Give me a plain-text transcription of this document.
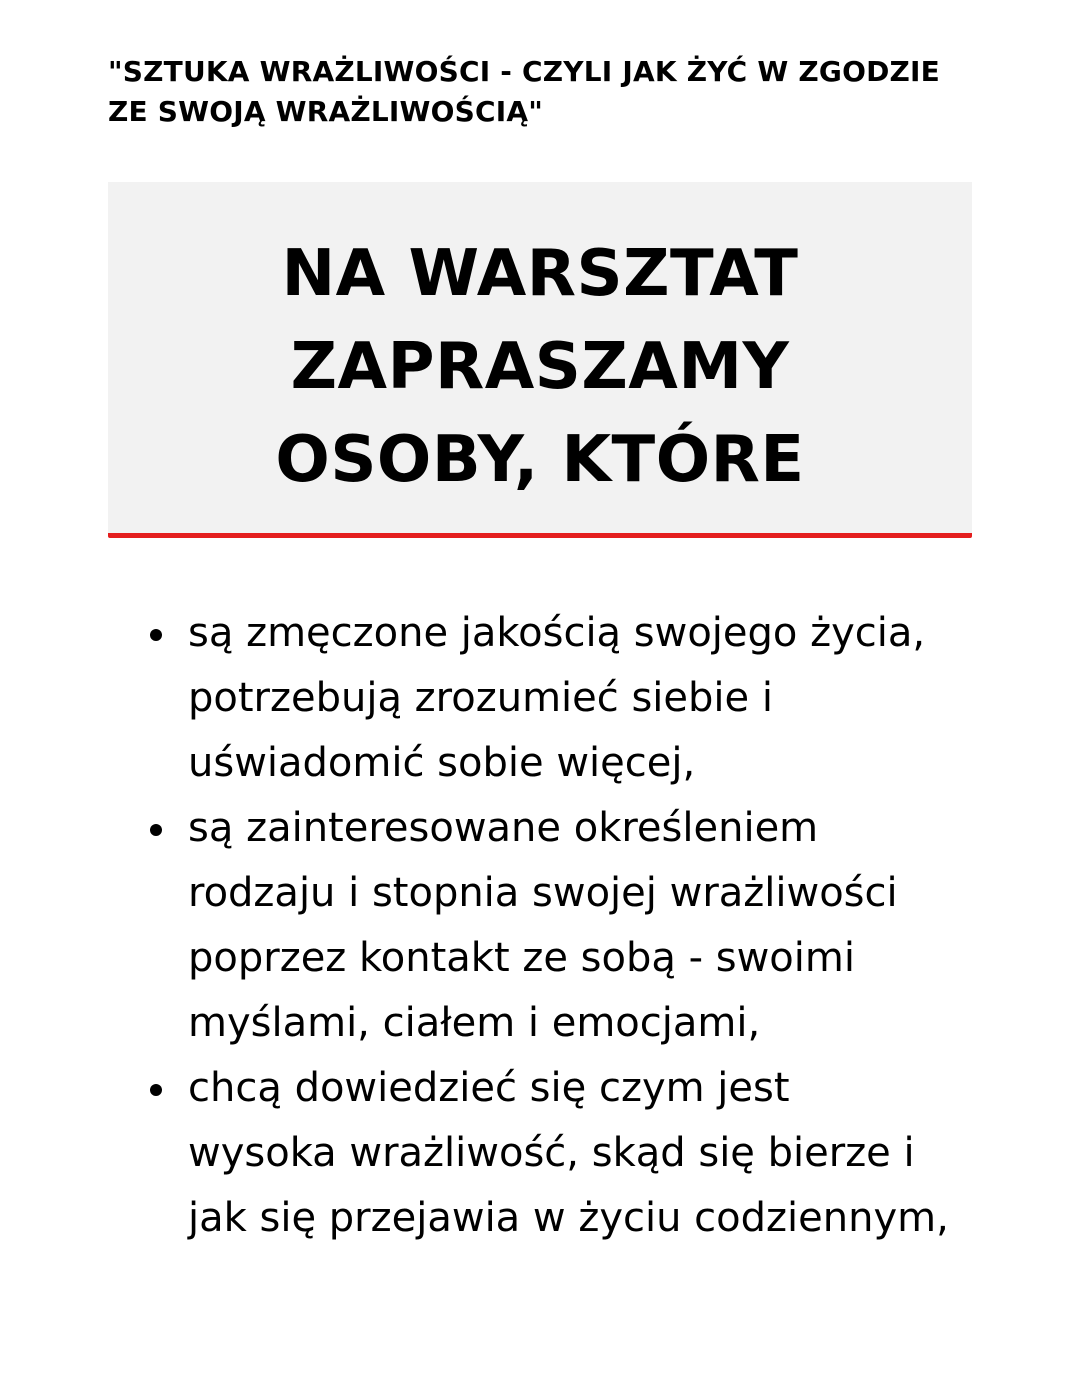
"SZTUKA WRAŻLIWOŚCI - CZYLI JAK ŻYĆ W ZGODZIE
ZE SWOJĄ WRAŻLIWOŚCIĄ"
NA WARSZTAT
ZAPRASZAMY
OSOBY, KTÓRE
są zmęczone jakością swojego życia,
potrzebują zrozumieć siebie i
uświadomić sobie więcej,
są zainteresowane określeniem
rodzaju i stopnia swojej wrażliwości
poprzez kontakt ze sobą - swoimi
myślami, ciałem i emocjami,
chcą dowiedzieć się czym jest
wysoka wrażliwość, skąd się bierze i
jak się przejawia w życiu codziennym,
